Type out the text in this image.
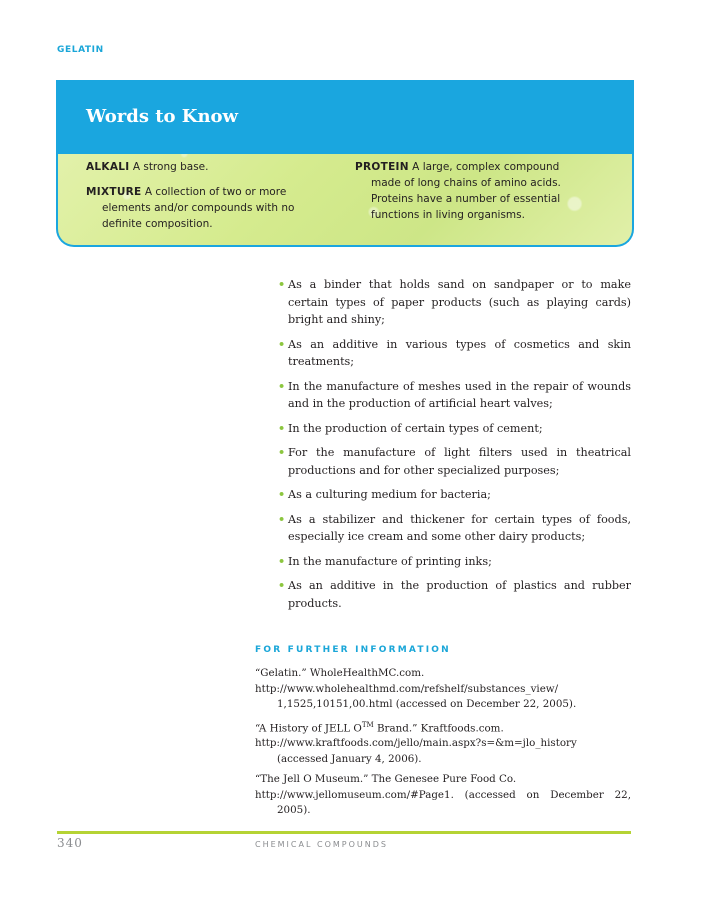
GELATIN
Words to Know
ALKALI A strong base.
MIXTURE A collection of two or more elements and/or compounds with no definite composition.
PROTEIN A large, complex compound made of long chains of amino acids. Proteins have a number of essential functions in living organisms.
• As a binder that holds sand on sandpaper or to make certain types of paper products (such as playing cards) bright and shiny;
• As an additive in various types of cosmetics and skin treatments;
• In the manufacture of meshes used in the repair of wounds and in the production of artificial heart valves;
• In the production of certain types of cement;
• For the manufacture of light filters used in theatrical productions and for other specialized purposes;
• As a culturing medium for bacteria;
• As a stabilizer and thickener for certain types of foods, especially ice cream and some other dairy products;
• In the manufacture of printing inks;
• As an additive in the production of plastics and rubber products.
FOR FURTHER INFORMATION
“Gelatin.” WholeHealthMC.com.
http://www.wholehealthmd.com/refshelf/substances_view/ 1,1525,10151,00.html (accessed on December 22, 2005).
“A History of JELL O™ Brand.” Kraftfoods.com.
http://www.kraftfoods.com/jello/main.aspx?s=&m=jlo_history (accessed January 4, 2006).
“The Jell O Museum.” The Genesee Pure Food Co.
http://www.jellomuseum.com/#Page1. (accessed on December 22, 2005).
340	CHEMICAL COMPOUNDS
